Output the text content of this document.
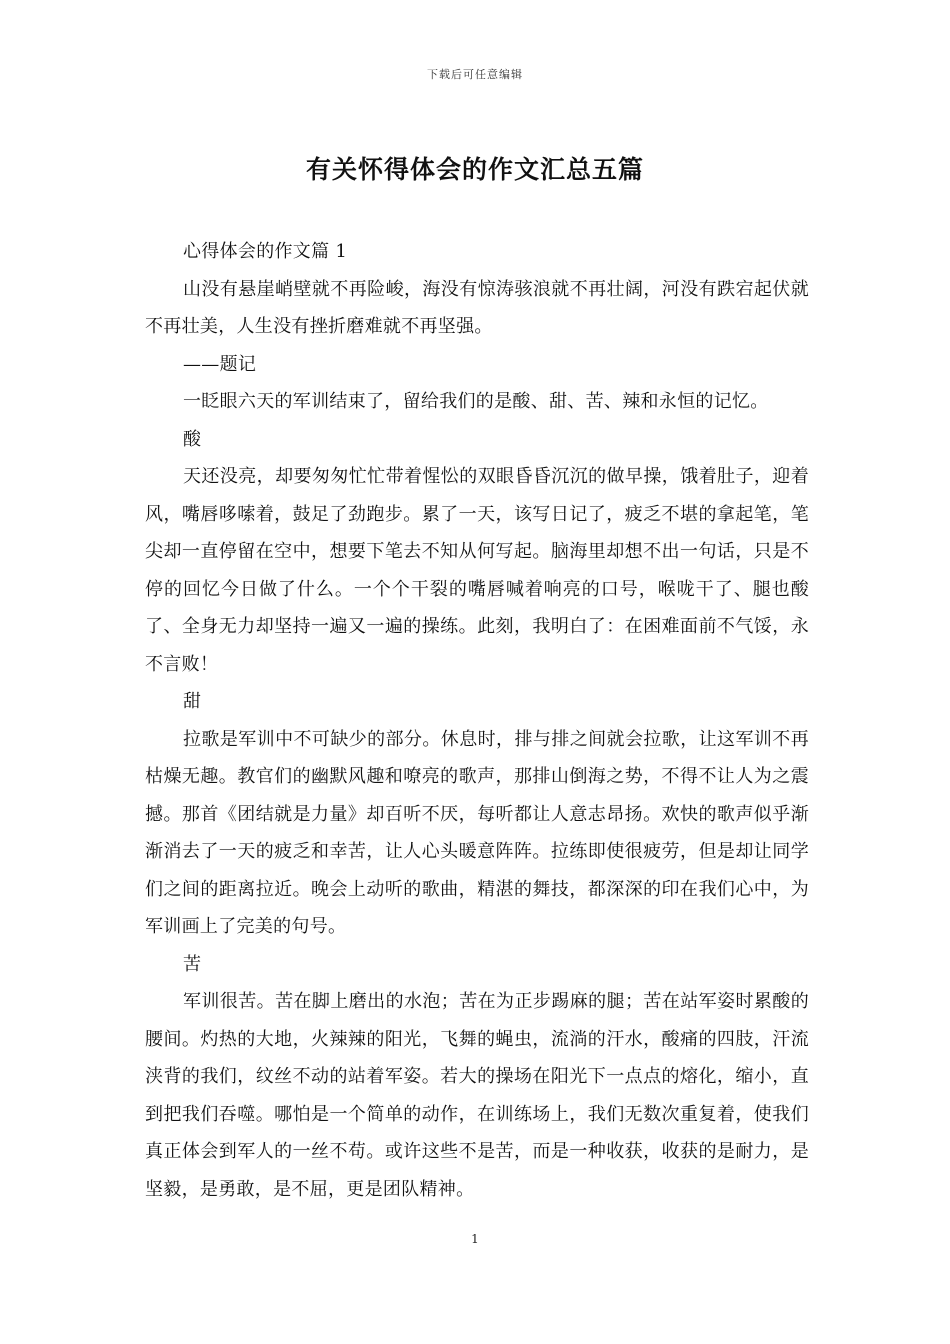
下载后可任意编辑
有关怀得体会的作文汇总五篇

心得体会的作文篇 1

山没有悬崖峭壁就不再险峻，海没有惊涛骇浪就不再壮阔，河没有跌宕起伏就不再壮美，人生没有挫折磨难就不再坚强。

——题记

一眨眼六天的军训结束了，留给我们的是酸、甜、苦、辣和永恒的记忆。

酸

天还没亮，却要匆匆忙忙带着惺忪的双眼昏昏沉沉的做早操，饿着肚子，迎着风，嘴唇哆嗦着，鼓足了劲跑步。累了一天，该写日记了，疲乏不堪的拿起笔，笔尖却一直停留在空中，想要下笔去不知从何写起。脑海里却想不出一句话，只是不停的回忆今日做了什么。一个个干裂的嘴唇喊着响亮的口号，喉咙干了、腿也酸了、全身无力却坚持一遍又一遍的操练。此刻，我明白了：在困难面前不气馁，永不言败！

甜

拉歌是军训中不可缺少的部分。休息时，排与排之间就会拉歌，让这军训不再枯燥无趣。教官们的幽默风趣和嘹亮的歌声，那排山倒海之势，不得不让人为之震撼。那首《团结就是力量》却百听不厌，每听都让人意志昂扬。欢快的歌声似乎渐渐消去了一天的疲乏和幸苦，让人心头暖意阵阵。拉练即使很疲劳，但是却让同学们之间的距离拉近。晚会上动听的歌曲，精湛的舞技，都深深的印在我们心中，为军训画上了完美的句号。

苦

军训很苦。苦在脚上磨出的水泡；苦在为正步踢麻的腿；苦在站军姿时累酸的腰间。灼热的大地，火辣辣的阳光，飞舞的蝇虫，流淌的汗水，酸痛的四肢，汗流浃背的我们，纹丝不动的站着军姿。若大的操场在阳光下一点点的熔化，缩小，直到把我们吞噬。哪怕是一个简单的动作，在训练场上，我们无数次重复着，使我们真正体会到军人的一丝不苟。或许这些不是苦，而是一种收获，收获的是耐力，是坚毅，是勇敢，是不屈，更是团队精神。

1
